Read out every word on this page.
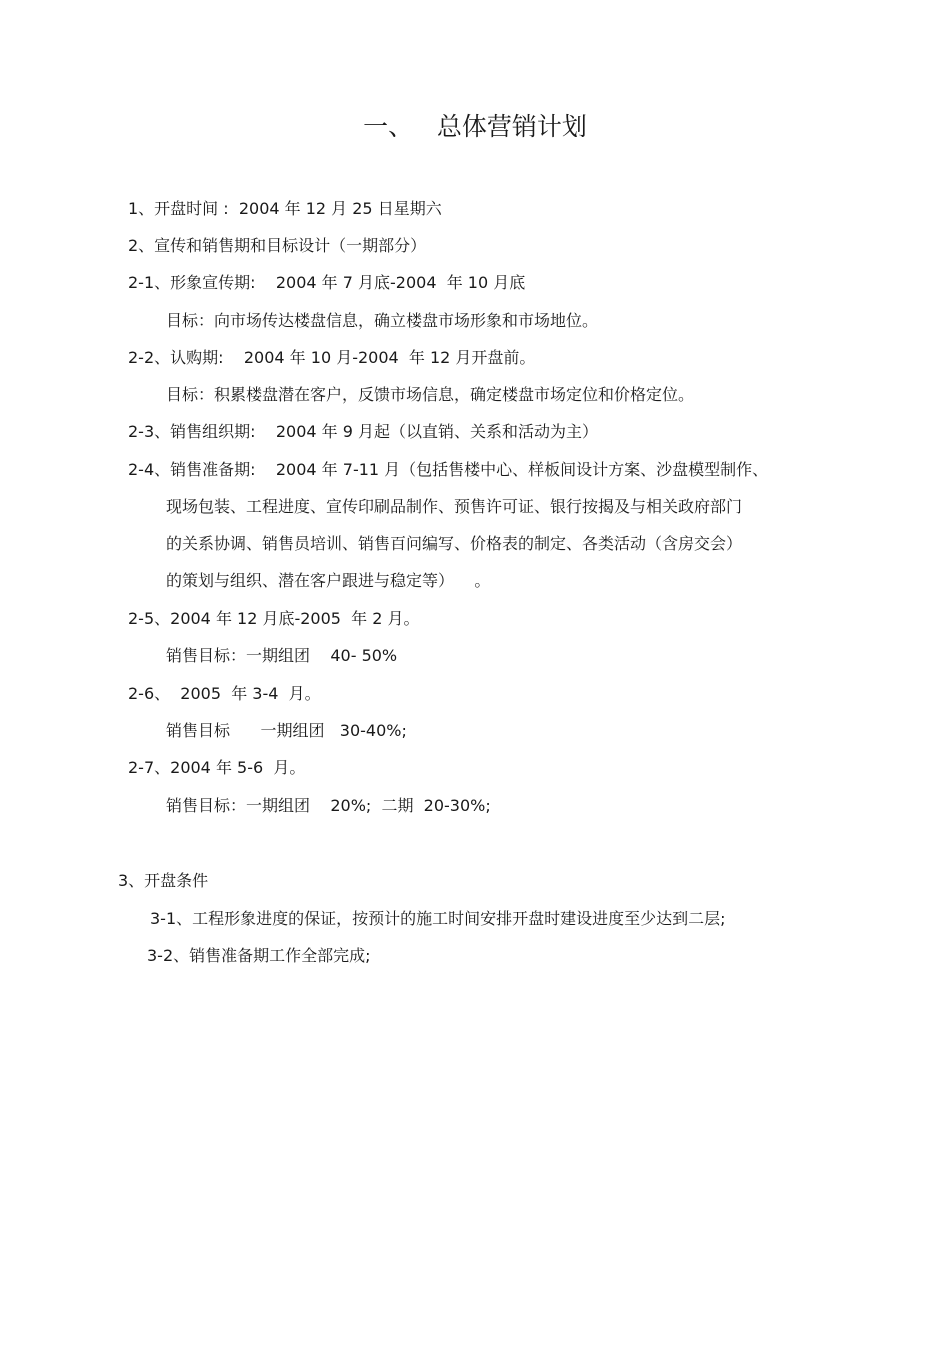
一、   总体营销计划
1、开盘时间 :  2004 年 12 月 25 日星期六
2、宣传和销售期和目标设计（一期部分）
2-1、形象宣传期:    2004 年 7 月底-2004  年 10 月底
目标：向市场传达楼盘信息，确立楼盘市场形象和市场地位。
2-2、认购期:    2004 年 10 月-2004  年 12 月开盘前。
目标：积累楼盘潜在客户，反馈市场信息，确定楼盘市场定位和价格定位。
2-3、销售组织期:    2004 年 9 月起（以直销、关系和活动为主）
2-4、销售准备期:    2004 年 7-11 月（包括售楼中心、样板间设计方案、沙盘模型制作、
现场包装、工程进度、宣传印刷品制作、预售许可证、银行按揭及与相关政府部门
的关系协调、销售员培训、销售百问编写、价格表的制定、各类活动（含房交会）
的策划与组织、潜在客户跟进与稳定等）    。
2-5、2004 年 12 月底-2005  年 2 月。
销售目标：一期组团    40- 50%
2-6、  2005  年 3-4  月。
销售目标      一期组团   30-40%;
2-7、2004 年 5-6  月。
销售目标：一期组团    20%;  二期  20-30%;
3、开盘条件
3-1、工程形象进度的保证，按预计的施工时间安排开盘时建设进度至少达到二层;
3-2、销售准备期工作全部完成;
